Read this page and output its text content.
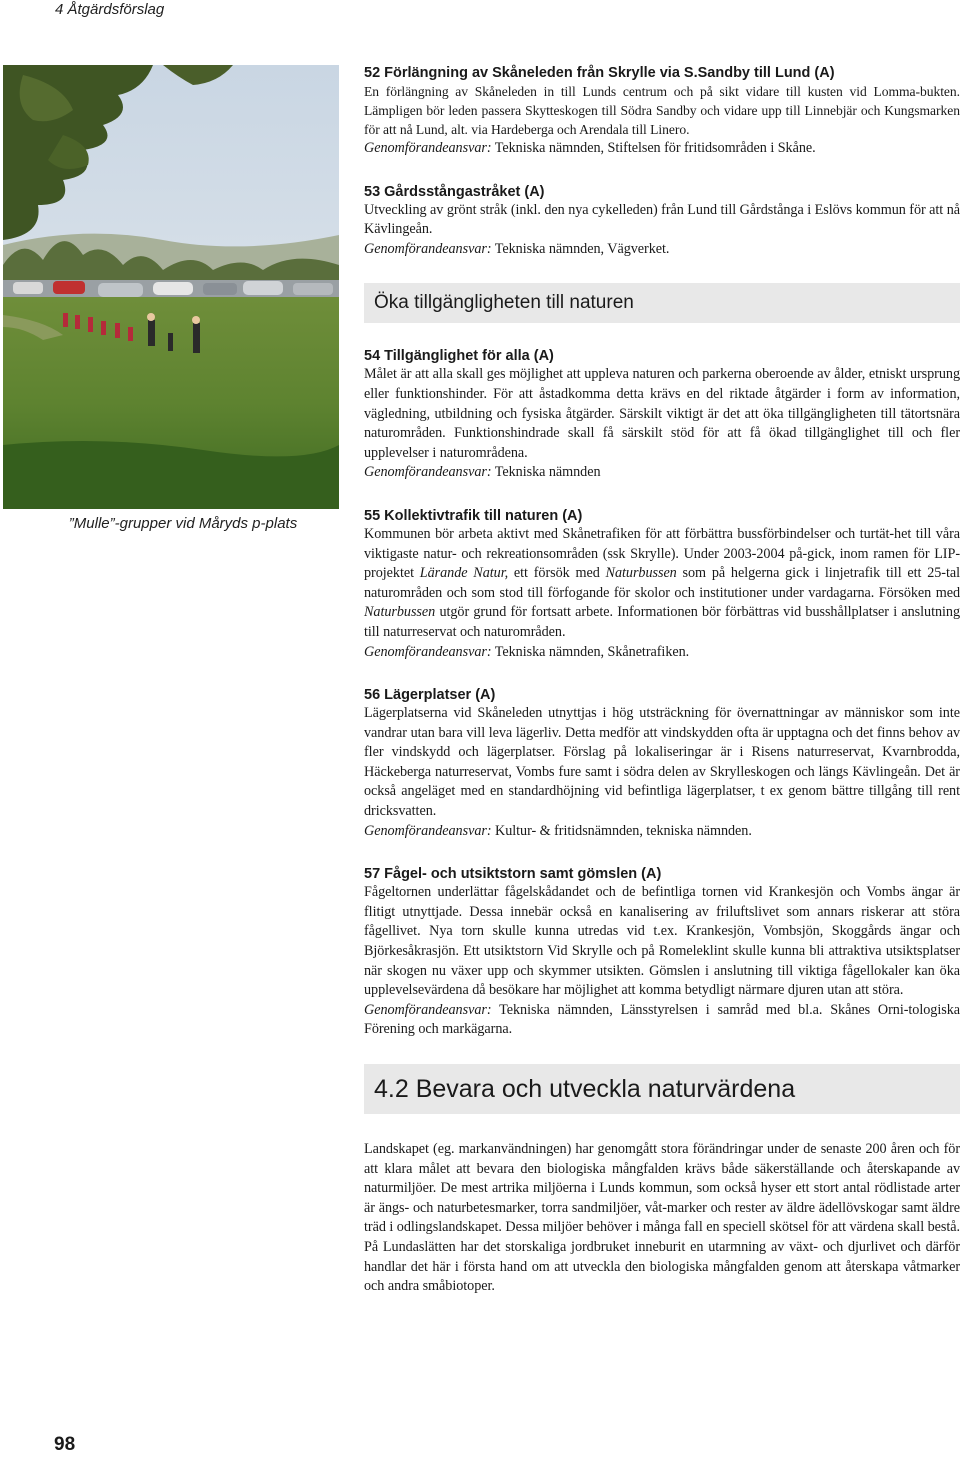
4 Åtgärdsförslag
”Mulle”-grupper vid Måryds p-plats
52 Förlängning av Skåneleden från Skrylle via S.Sandby till Lund (A)

En förlängning av Skåneleden in till Lunds centrum och på sikt vidare till kusten vid Lomma-bukten. Lämpligen bör leden passera Skytteskogen till Södra Sandby och vidare upp till Linnebjär och Kungsmarken för att nå Lund, alt. via Hardeberga och Arendala till Linero.

Genomförandeansvar: Tekniska nämnden, Stiftelsen för fritidsområden i Skåne.

53 Gårdsstångastråket (A)

Utveckling av grönt stråk (inkl. den nya cykelleden) från Lund till Gårdstånga i Eslövs kommun för att nå Kävlingeån.

Genomförandeansvar: Tekniska nämnden, Vägverket.

Öka tillgängligheten till naturen
54 Tillgänglighet för alla (A)

Målet är att alla skall ges möjlighet att uppleva naturen och parkerna oberoende av ålder, etniskt ursprung eller funktionshinder. För att åstadkomma detta krävs en del riktade åtgärder i form av information, vägledning, utbildning och fysiska åtgärder. Särskilt viktigt är det att öka tillgängligheten till tätortsnära naturområden. Funktionshindrade skall få särskilt stöd för att få ökad tillgänglighet till och fler upplevelser i naturområdena.

Genomförandeansvar: Tekniska nämnden

55 Kollektivtrafik till naturen (A)

Kommunen bör arbeta aktivt med Skånetrafiken för att förbättra bussförbindelser och turtät-het till våra viktigaste natur- och rekreationsområden (ssk Skrylle). Under 2003-2004 på-gick, inom ramen för LIP-projektet Lärande Natur, ett försök med Naturbussen som på helgerna gick i linjetrafik till ett 25-tal naturområden och som stod till förfogande för skolor och institutioner under vardagarna. Försöken med Naturbussen utgör grund för fortsatt arbete. Informationen bör förbättras vid busshållplatser i anslutning till naturreservat och naturområden.

Genomförandeansvar: Tekniska nämnden, Skånetrafiken.

56 Lägerplatser (A)

Lägerplatserna vid Skåneleden utnyttjas i hög utsträckning för övernattningar av människor som inte vandrar utan bara vill leva lägerliv. Detta medför att vindskydden ofta är upptagna och det finns behov av fler vindskydd och lägerplatser. Förslag på lokaliseringar är i Risens naturreservat, Kvarnbrodda, Häckeberga naturreservat, Vombs fure samt i södra delen av Skrylleskogen och längs Kävlingeån. Det är också angeläget med en standardhöjning vid befintliga lägerplatser, t ex genom bättre tillgång till rent dricksvatten.

Genomförandeansvar: Kultur- & fritidsnämnden, tekniska nämnden.

57 Fågel- och utsiktstorn samt gömslen (A)

Fågeltornen underlättar fågelskådandet och de befintliga tornen vid Krankesjön och Vombs ängar är flitigt utnyttjade. Dessa innebär också en kanalisering av friluftslivet som annars riskerar att störa fågellivet. Nya torn skulle kunna utredas vid t.ex. Krankesjön, Vombsjön, Skoggårds ängar och Björkesåkrasjön. Ett utsiktstorn Vid Skrylle och på Romeleklint skulle kunna bli attraktiva utsiktsplatser när skogen nu växer upp och skymmer utsikten. Gömslen i anslutning till viktiga fågellokaler kan öka upplevelsevärdena då besökare har möjlighet att komma betydligt närmare djuren utan att störa.

Genomförandeansvar: Tekniska nämnden, Länsstyrelsen i samråd med bl.a. Skånes Orni-tologiska Förening och markägarna.

4.2 Bevara och utveckla naturvärdena

Landskapet (eg. markanvändningen) har genomgått stora förändringar under de senaste 200 åren och för att klara målet att bevara den biologiska mångfalden krävs både säkerställande och återskapande av naturmiljöer. De mest artrika miljöerna i Lunds kommun, som också hyser ett stort antal rödlistade arter är ängs- och naturbetesmarker, torra sandmiljöer, våt-marker och rester av äldre ädellövskogar samt äldre träd i odlingslandskapet. Dessa miljöer behöver i många fall en speciell skötsel för att värdena skall bestå. På Lundaslätten har det storskaliga jordbruket inneburit en utarmning av växt- och djurlivet och därför handlar det här i första hand om att utveckla den biologiska mångfalden genom att återskapa våtmarker och andra småbiotoper.

98
